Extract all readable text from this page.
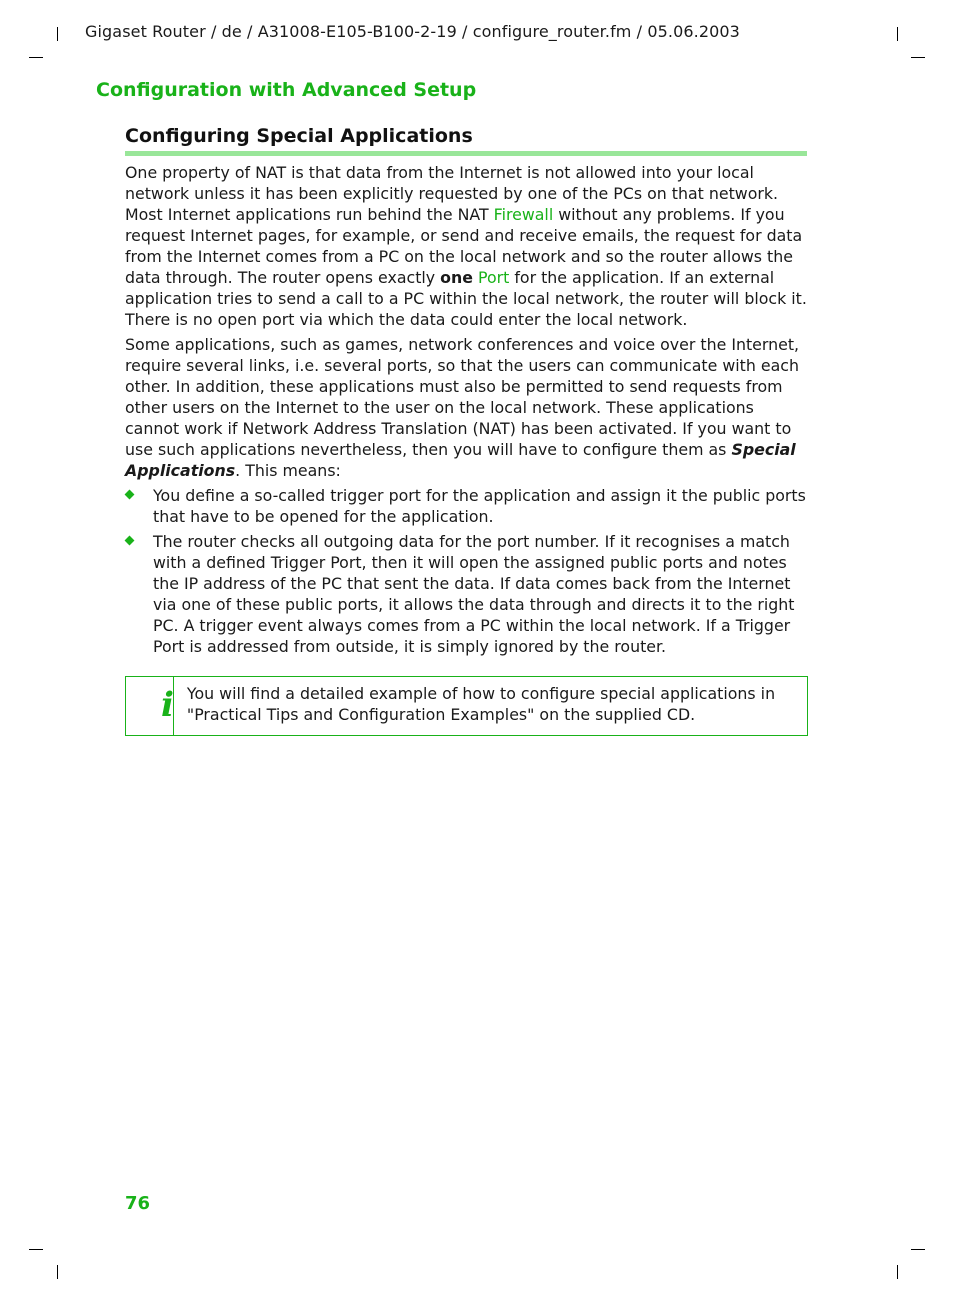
Gigaset Router / de / A31008-E105-B100-2-19 / configure_router.fm / 05.06.2003
Configuration with Advanced Setup
Configuring Special Applications

One property of NAT is that data from the Internet is not allowed into your local network unless it has been explicitly requested by one of the PCs on that network. Most Internet applications run behind the NAT Firewall without any problems. If you request Internet pages, for example, or send and receive emails, the request for data from the Internet comes from a PC on the local network and so the router allows the data through. The router opens exactly one Port for the application. If an external application tries to send a call to a PC within the local network, the router will block it. There is no open port via which the data could enter the local network.

Some applications, such as games, network conferences and voice over the Internet, require several links, i.e. several ports, so that the users can communicate with each other. In addition, these applications must also be permitted to send requests from other users on the Internet to the user on the local network. These applications cannot work if Network Address Translation (NAT) has been activated. If you want to use such applications nevertheless, then you will have to configure them as Special Applications. This means:

You define a so-called trigger port for the application and assign it the public ports that have to be opened for the application.
The router checks all outgoing data for the port number. If it recognises a match with a defined Trigger Port, then it will open the assigned public ports and notes the IP address of the PC that sent the data. If data comes back from the Internet via one of these public ports, it allows the data through and directs it to the right PC. A trigger event always comes from a PC within the local network. If a Trigger Port is addressed from outside, it is simply ignored by the router.
i You will find a detailed example of how to configure special applications in "Practical Tips and Configuration Examples" on the supplied CD.
76
